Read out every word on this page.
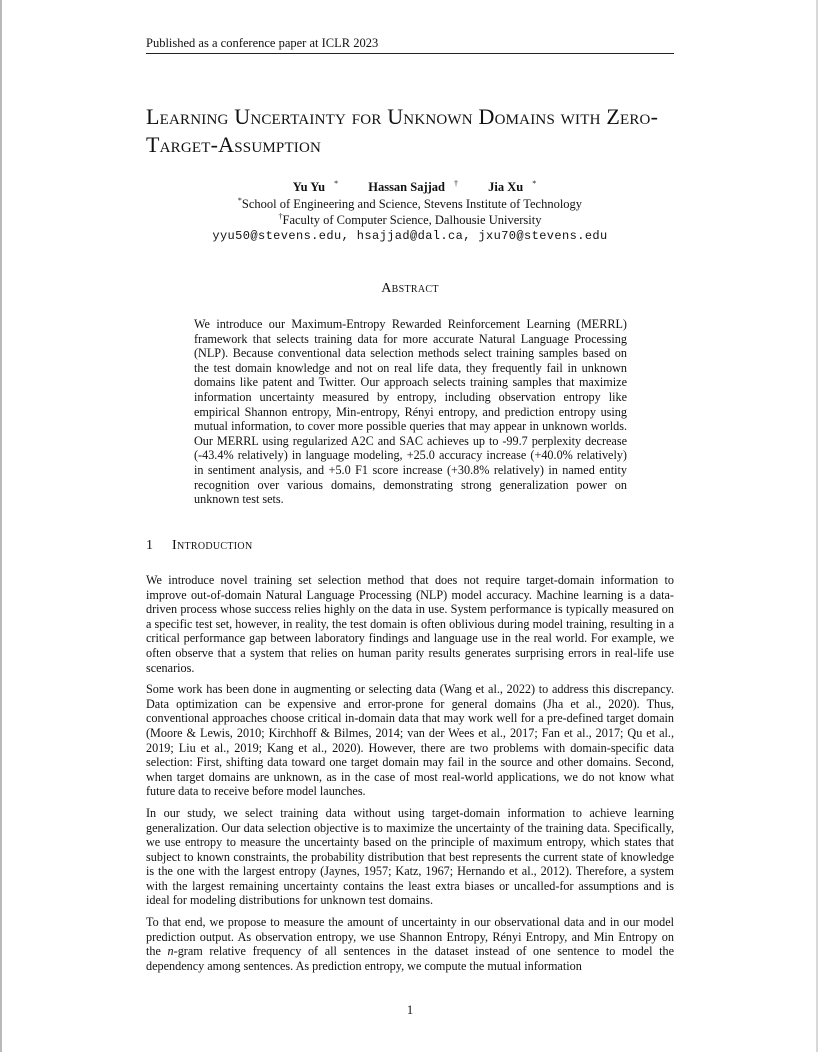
Published as a conference paper at ICLR 2023
Learning Uncertainty for Unknown Domains with Zero-Target-Assumption
Yu Yu * Hassan Sajjad † Jia Xu *
*School of Engineering and Science, Stevens Institute of Technology
†Faculty of Computer Science, Dalhousie University
yyu50@stevens.edu, hsajjad@dal.ca, jxu70@stevens.edu
Abstract
We introduce our Maximum-Entropy Rewarded Reinforcement Learning (MERRL) framework that selects training data for more accurate Natural Language Processing (NLP). Because conventional data selection methods select training samples based on the test domain knowledge and not on real life data, they frequently fail in unknown domains like patent and Twitter. Our approach selects training samples that maximize information uncertainty measured by entropy, including observation entropy like empirical Shannon entropy, Min-entropy, Rényi entropy, and prediction entropy using mutual information, to cover more possible queries that may appear in unknown worlds. Our MERRL using regularized A2C and SAC achieves up to -99.7 perplexity decrease (-43.4% relatively) in language modeling, +25.0 accuracy increase (+40.0% relatively) in sentiment analysis, and +5.0 F1 score increase (+30.8% relatively) in named entity recognition over various domains, demonstrating strong generalization power on unknown test sets.
1 Introduction

We introduce novel training set selection method that does not require target-domain information to improve out-of-domain Natural Language Processing (NLP) model accuracy. Machine learning is a data-driven process whose success relies highly on the data in use. System performance is typically measured on a specific test set, however, in reality, the test domain is often oblivious during model training, resulting in a critical performance gap between laboratory findings and language use in the real world. For example, we often observe that a system that relies on human parity results generates surprising errors in real-life use scenarios.

Some work has been done in augmenting or selecting data (Wang et al., 2022) to address this discrepancy. Data optimization can be expensive and error-prone for general domains (Jha et al., 2020). Thus, conventional approaches choose critical in-domain data that may work well for a pre-defined target domain (Moore & Lewis, 2010; Kirchhoff & Bilmes, 2014; van der Wees et al., 2017; Fan et al., 2017; Qu et al., 2019; Liu et al., 2019; Kang et al., 2020). However, there are two problems with domain-specific data selection: First, shifting data toward one target domain may fail in the source and other domains. Second, when target domains are unknown, as in the case of most real-world applications, we do not know what future data to receive before model launches.

In our study, we select training data without using target-domain information to achieve learning generalization. Our data selection objective is to maximize the uncertainty of the training data. Specifically, we use entropy to measure the uncertainty based on the principle of maximum entropy, which states that subject to known constraints, the probability distribution that best represents the current state of knowledge is the one with the largest entropy (Jaynes, 1957; Katz, 1967; Hernando et al., 2012). Therefore, a system with the largest remaining uncertainty contains the least extra biases or uncalled-for assumptions and is ideal for modeling distributions for unknown test domains.

To that end, we propose to measure the amount of uncertainty in our observational data and in our model prediction output. As observation entropy, we use Shannon Entropy, Rényi Entropy, and Min Entropy on the n-gram relative frequency of all sentences in the dataset instead of one sentence to model the dependency among sentences. As prediction entropy, we compute the mutual information

1
